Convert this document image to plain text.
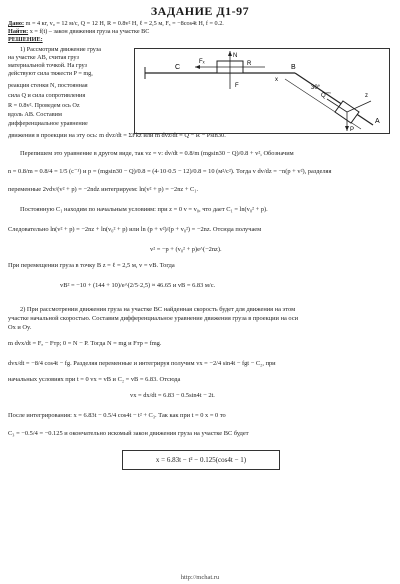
ЗАДАНИЕ Д1-97
Дано: m = 4 кг, v₀ = 12 м/с, Q = 12 Н, R = 0.8v² Н, ℓ = 2,5 м, Fₓ = −8cos4t Н, f = 0.2.
Найти: x = f(t) – закон движения груза на участке ВС
РЕШЕНИЕ:
1) Рассмотрим движение груза
на участке AB, считая груз
материальной точкой. На груз
действуют сила тяжести P = mg,
реакция стенки N, постоянная
сила Q и сила сопротивления
R = 0.8v². Проведем ось Oz
вдоль AB. Составим
дифференциальное уравнение
движения в проекции на эту ось: m dvz/dt = ΣFkz или m dvz/dt = Q − R − Psin30.
C	B
A
N
Fₓ	R
Q
P
F
x
z
30°
Перепишем это уравнение в другом виде, так vz = v: dv/dt = 0.8/m (mgsin30 − Q)/0.8 + v², Обозначим
n = 0.8/m = 0.8/4 = 1/5 (c⁻¹) и p = (mgsin30 − Q)/0.8 = (4·10·0.5 − 12)/0.8 = 10 (м²/с²). Тогда v dv/dz = −n(p + v²), разделяя
переменные 2vdv/(v² + p) = −2ndz интегрируем: ln(v² + p) = −2nz + C₁.
Постоянную C₁ находим по начальным условиям: при z = 0 v = v₀, что дает C₁ = ln(v₀² + p).
Следовательно ln(v² + p) = −2nz + ln(v₀² + p) или ln (p + v²)/(p + v₀²) = −2nz. Отсюда получаем
v² = −p + (v₀² + p)e^(−2nz).
При перемещении груза в точку B z = ℓ = 2,5 м, v = vB. Тогда
vB² = −10 + (144 + 10)/e^(2/5·2,5) ≈ 46.65 и vB = 6.83 м/с.
2) При рассмотрении движения груза на участке BC найденная скорость будет для движения на этом
участке начальной скоростью. Составим дифференциальное уравнение движения груза в проекции на оси
Ox и Oy.
m dvx/dt = Fₓ − Fтр; 0 = N − P. Тогда N = mg и Fтр = fmg.
dvx/dt = −8/4 cos4t − fg. Разделяя переменные и интегрируя получим vx = −2/4 sin4t − fgt − C₂, при
начальных условиях при t = 0 vx = vB и C₂ = vB = 6.83. Отсюда
vx = dx/dt = 6.83 − 0.5sin4t − 2t.
После интегрирования: x = 6.83t − 0.5/4 cos4t − t² + C₃. Так как при t = 0 x = 0 то
C₃ = −0.5/4 = −0.125 и окончательно искомый закон движения груза на участке BC будет
x = 6.83t − t² − 0.125(cos4t − 1)
http://mchat.ru
